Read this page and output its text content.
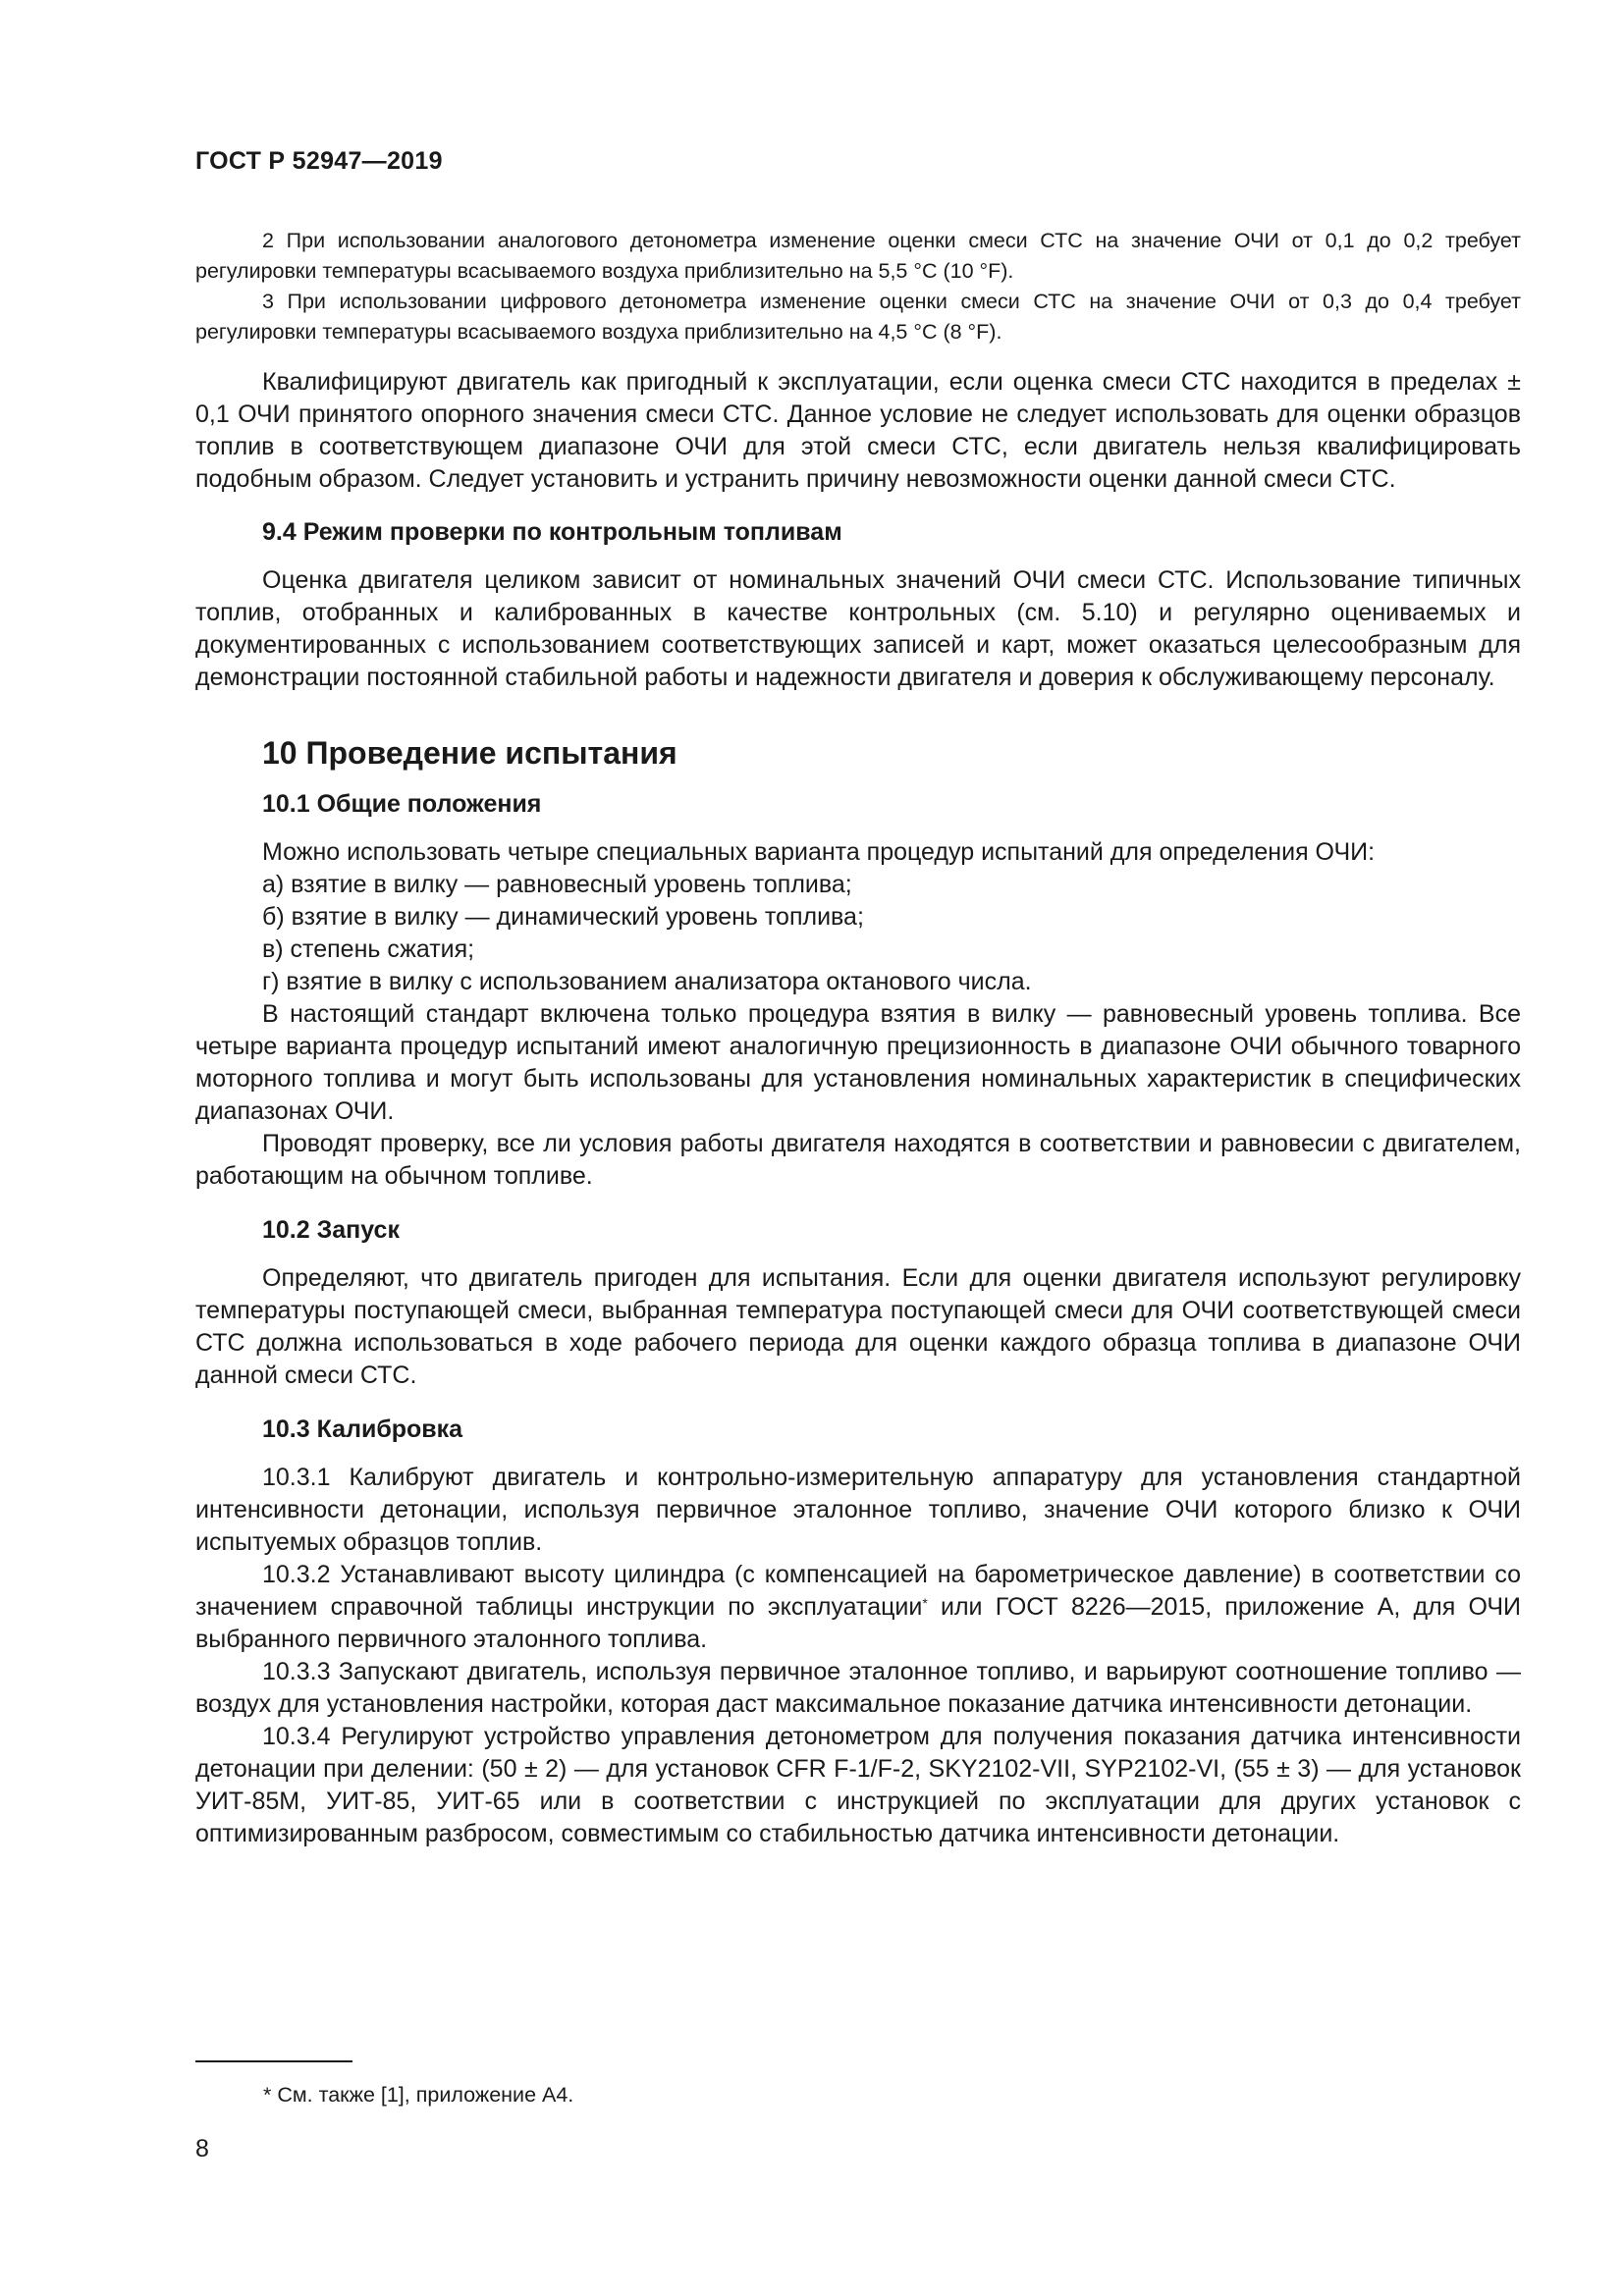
ГОСТ Р 52947—2019

2 При использовании аналогового детонометра изменение оценки смеси СТС на значение ОЧИ от 0,1 до 0,2 требует регулировки температуры всасываемого воздуха приблизительно на 5,5 °С (10 °F).

3 При использовании цифрового детонометра изменение оценки смеси СТС на значение ОЧИ от 0,3 до 0,4 требует регулировки температуры всасываемого воздуха приблизительно на 4,5 °С (8 °F).

Квалифицируют двигатель как пригодный к эксплуатации, если оценка смеси СТС находится в пределах ± 0,1 ОЧИ принятого опорного значения смеси СТС. Данное условие не следует использовать для оценки образцов топлив в соответствующем диапазоне ОЧИ для этой смеси СТС, если двигатель нельзя квалифицировать подобным образом. Следует установить и устранить причину невозможности оценки данной смеси СТС.

9.4 Режим проверки по контрольным топливам

Оценка двигателя целиком зависит от номинальных значений ОЧИ смеси СТС. Использование типичных топлив, отобранных и калиброванных в качестве контрольных (см. 5.10) и регулярно оцениваемых и документированных с использованием соответствующих записей и карт, может оказаться целесообразным для демонстрации постоянной стабильной работы и надежности двигателя и доверия к обслуживающему персоналу.

10 Проведение испытания
10.1 Общие положения

Можно использовать четыре специальных варианта процедур испытаний для определения ОЧИ:

а) взятие в вилку — равновесный уровень топлива;

б) взятие в вилку — динамический уровень топлива;

в) степень сжатия;

г) взятие в вилку с использованием анализатора октанового числа.

В настоящий стандарт включена только процедура взятия в вилку — равновесный уровень топлива. Все четыре варианта процедур испытаний имеют аналогичную прецизионность в диапазоне ОЧИ обычного товарного моторного топлива и могут быть использованы для установления номинальных характеристик в специфических диапазонах ОЧИ.

Проводят проверку, все ли условия работы двигателя находятся в соответствии и равновесии с двигателем, работающим на обычном топливе.

10.2 Запуск

Определяют, что двигатель пригоден для испытания. Если для оценки двигателя используют регулировку температуры поступающей смеси, выбранная температура поступающей смеси для ОЧИ соответствующей смеси СТС должна использоваться в ходе рабочего периода для оценки каждого образца топлива в диапазоне ОЧИ данной смеси СТС.

10.3 Калибровка

10.3.1 Калибруют двигатель и контрольно-измерительную аппаратуру для установления стандартной интенсивности детонации, используя первичное эталонное топливо, значение ОЧИ которого близко к ОЧИ испытуемых образцов топлив.

10.3.2 Устанавливают высоту цилиндра (с компенсацией на барометрическое давление) в соответствии со значением справочной таблицы инструкции по эксплуатации* или ГОСТ 8226—2015, приложение А, для ОЧИ выбранного первичного эталонного топлива.

10.3.3 Запускают двигатель, используя первичное эталонное топливо, и варьируют соотношение топливо — воздух для установления настройки, которая даст максимальное показание датчика интенсивности детонации.

10.3.4 Регулируют устройство управления детонометром для получения показания датчика интенсивности детонации при делении: (50 ± 2) — для установок CFR F-1/F-2, SKY2102-VII, SYP2102-VI, (55 ± 3) — для установок УИТ-85М, УИТ-85, УИТ-65 или в соответствии с инструкцией по эксплуатации для других установок с оптимизированным разбросом, совместимым со стабильностью датчика интенсивности детонации.

* См. также [1], приложение А4.
8
